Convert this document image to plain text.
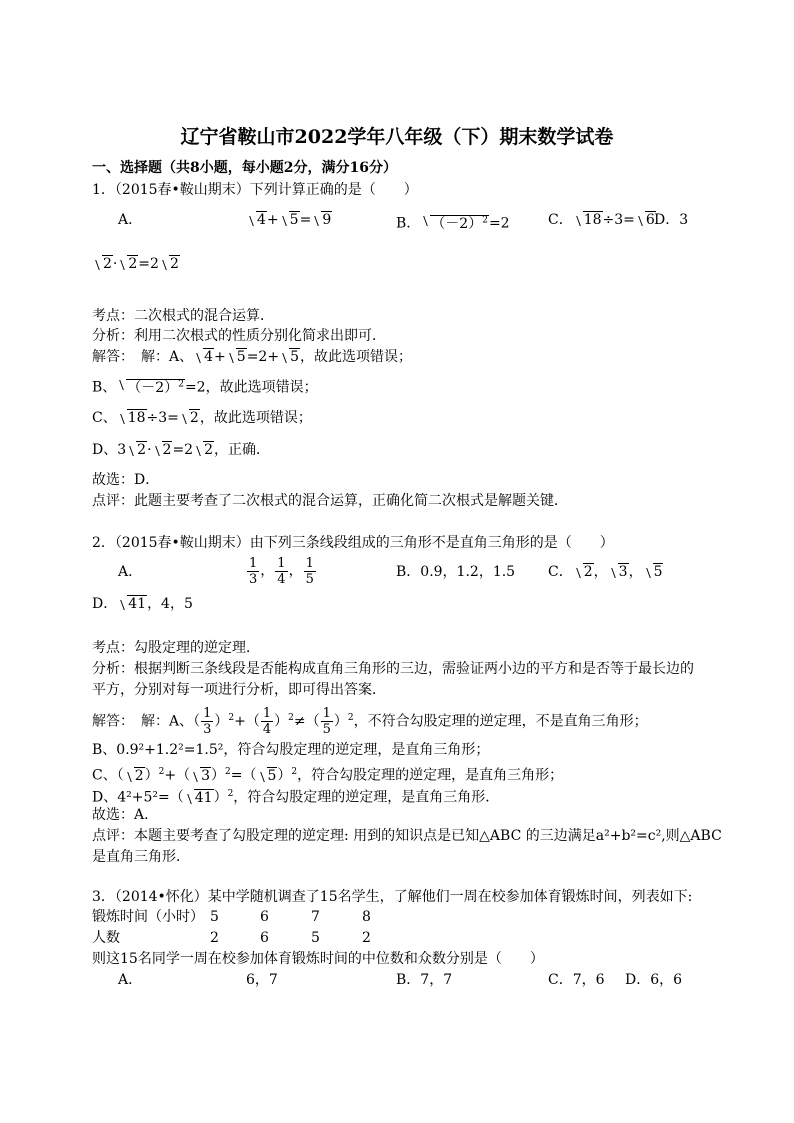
辽宁省鞍山市2022学年八年级（下）期末数学试卷
一、选择题（共8小题，每小题2分，满分16分）
1．（2015春•鞍山期末）下列计算正确的是（　　）
A．	4+ 5= 9	B． $(-2)^2=2$	C． 18÷3= 6 D．3
2· 2=2 2
考点：二次根式的混合运算．
分析：利用二次根式的性质分别化简求出即可．
解答：　解：A、 4+ 5=2+ 5，故此选项错误；
B、 $(-2)^2=2$，故此选项错误；
C、 18÷3= 2，故此选项错误；
D、3 2· 2=2 2，正确．
故选：D．
点评：此题主要考查了二次根式的混合运算，正确化简二次根式是解题关键．
2．（2015春•鞍山期末）由下列三条线段组成的三角形不是直角三角形的是（　　）
A．	$\frac{1}{3}$ ， $\frac{1}{4}$ ， $\frac{1}{5}$	B．0.9，1.2，1.5 C． 2， 3， 5
D． 41，4，5
考点：勾股定理的逆定理．
分析：根据判断三条线段是否能构成直角三角形的三边，需验证两小边的平方和是否等于最长边的
平方，分别对每一项进行分析，即可得出答案．
解答：　解：A、（ $\frac{1}{3} )^2+( \frac{1}{4} )^2\ne( \frac{1}{5} )^2$，不符合勾股定理的逆定理，不是直角三角形；
B、0.9²+1.2²=1.5²，符合勾股定理的逆定理，是直角三角形；
C、（ 2）$^2$+（ 3）$^2$=（ 5）$^2$，符合勾股定理的逆定理，是直角三角形；
D、4²+5²=（ 41）$^2$，符合勾股定理的逆定理，是直角三角形．
故选：A．
点评：本题主要考查了勾股定理的逆定理: 用到的知识点是已知△ABC 的三边满足a²+b²=c²,则△ABC
是直角三角形．
3．（2014•怀化）某中学随机调查了15名学生，了解他们一周在校参加体育锻炼时间，列表如下:
锻炼时间（小时） 5	6	7	8
人数	2	6	5	2
则这15名同学一周在校参加体育锻炼时间的中位数和众数分别是（　　）
A．	6，7	B．7，7	C．7，6 D．6，6
